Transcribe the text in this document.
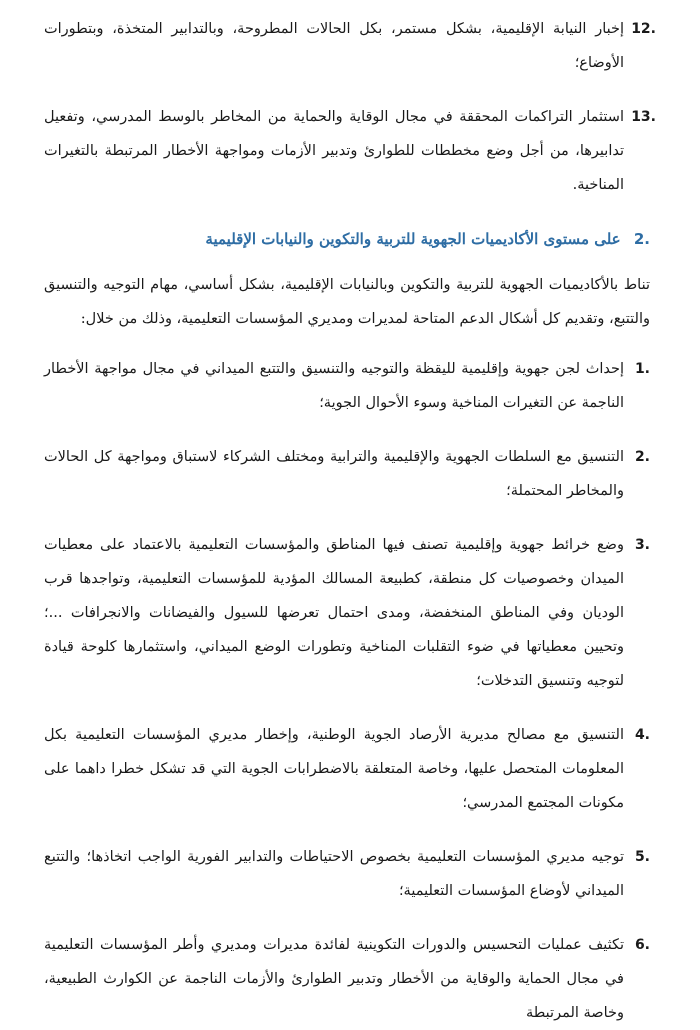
12.
إخبار النيابة الإقليمية، بشكل مستمر، بكل الحالات المطروحة، وبالتدابير المتخذة، وبتطورات الأوضاع؛

13.
استثمار التراكمات المحققة في مجال الوقاية والحماية من المخاطر بالوسط المدرسي، وتفعيل تدابيرها، من أجل وضع مخططات للطوارئ وتدبير الأزمات ومواجهة الأخطار المرتبطة بالتغيرات المناخية.

2. على مستوى الأكاديميات الجهوية للتربية والتكوين والنيابات الإقليمية

تناط بالأكاديميات الجهوية للتربية والتكوين وبالنيابات الإقليمية، بشكل أساسي، مهام التوجيه والتنسيق والتتبع، وتقديم كل أشكال الدعم المتاحة لمديرات ومديري المؤسسات التعليمية، وذلك من خلال:

1.
إحداث لجن جهوية وإقليمية لليقظة والتوجيه والتنسيق والتتبع الميداني في مجال مواجهة الأخطار الناجمة عن التغيرات المناخية وسوء الأحوال الجوية؛

2.
التنسيق مع السلطات الجهوية والإقليمية والترابية ومختلف الشركاء لاستباق ومواجهة كل الحالات والمخاطر المحتملة؛

3.
وضع خرائط جهوية وإقليمية تصنف فيها المناطق والمؤسسات التعليمية بالاعتماد على معطيات الميدان وخصوصيات كل منطقة، كطبيعة المسالك المؤدية للمؤسسات التعليمية، وتواجدها قرب الوديان وفي المناطق المنخفضة، ومدى احتمال تعرضها للسيول والفيضانات والانجرافات ...؛ وتحيين معطياتها في ضوء التقلبات المناخية وتطورات الوضع الميداني، واستثمارها كلوحة قيادة لتوجيه وتنسيق التدخلات؛

4.
التنسيق مع مصالح مديرية الأرصاد الجوية الوطنية، وإخطار مديري المؤسسات التعليمية بكل المعلومات المتحصل عليها، وخاصة المتعلقة بالاضطرابات الجوية التي قد تشكل خطرا داهما على مكونات المجتمع المدرسي؛

5.
توجيه مديري المؤسسات التعليمية بخصوص الاحتياطات والتدابير الفورية الواجب اتخاذها؛ والتتبع الميداني لأوضاع المؤسسات التعليمية؛

6.
تكثيف عمليات التحسيس والدورات التكوينية لفائدة مديرات ومديري وأطر المؤسسات التعليمية في مجال الحماية والوقاية من الأخطار وتدبير الطوارئ والأزمات الناجمة عن الكوارث الطبيعية، وخاصة المرتبطة
